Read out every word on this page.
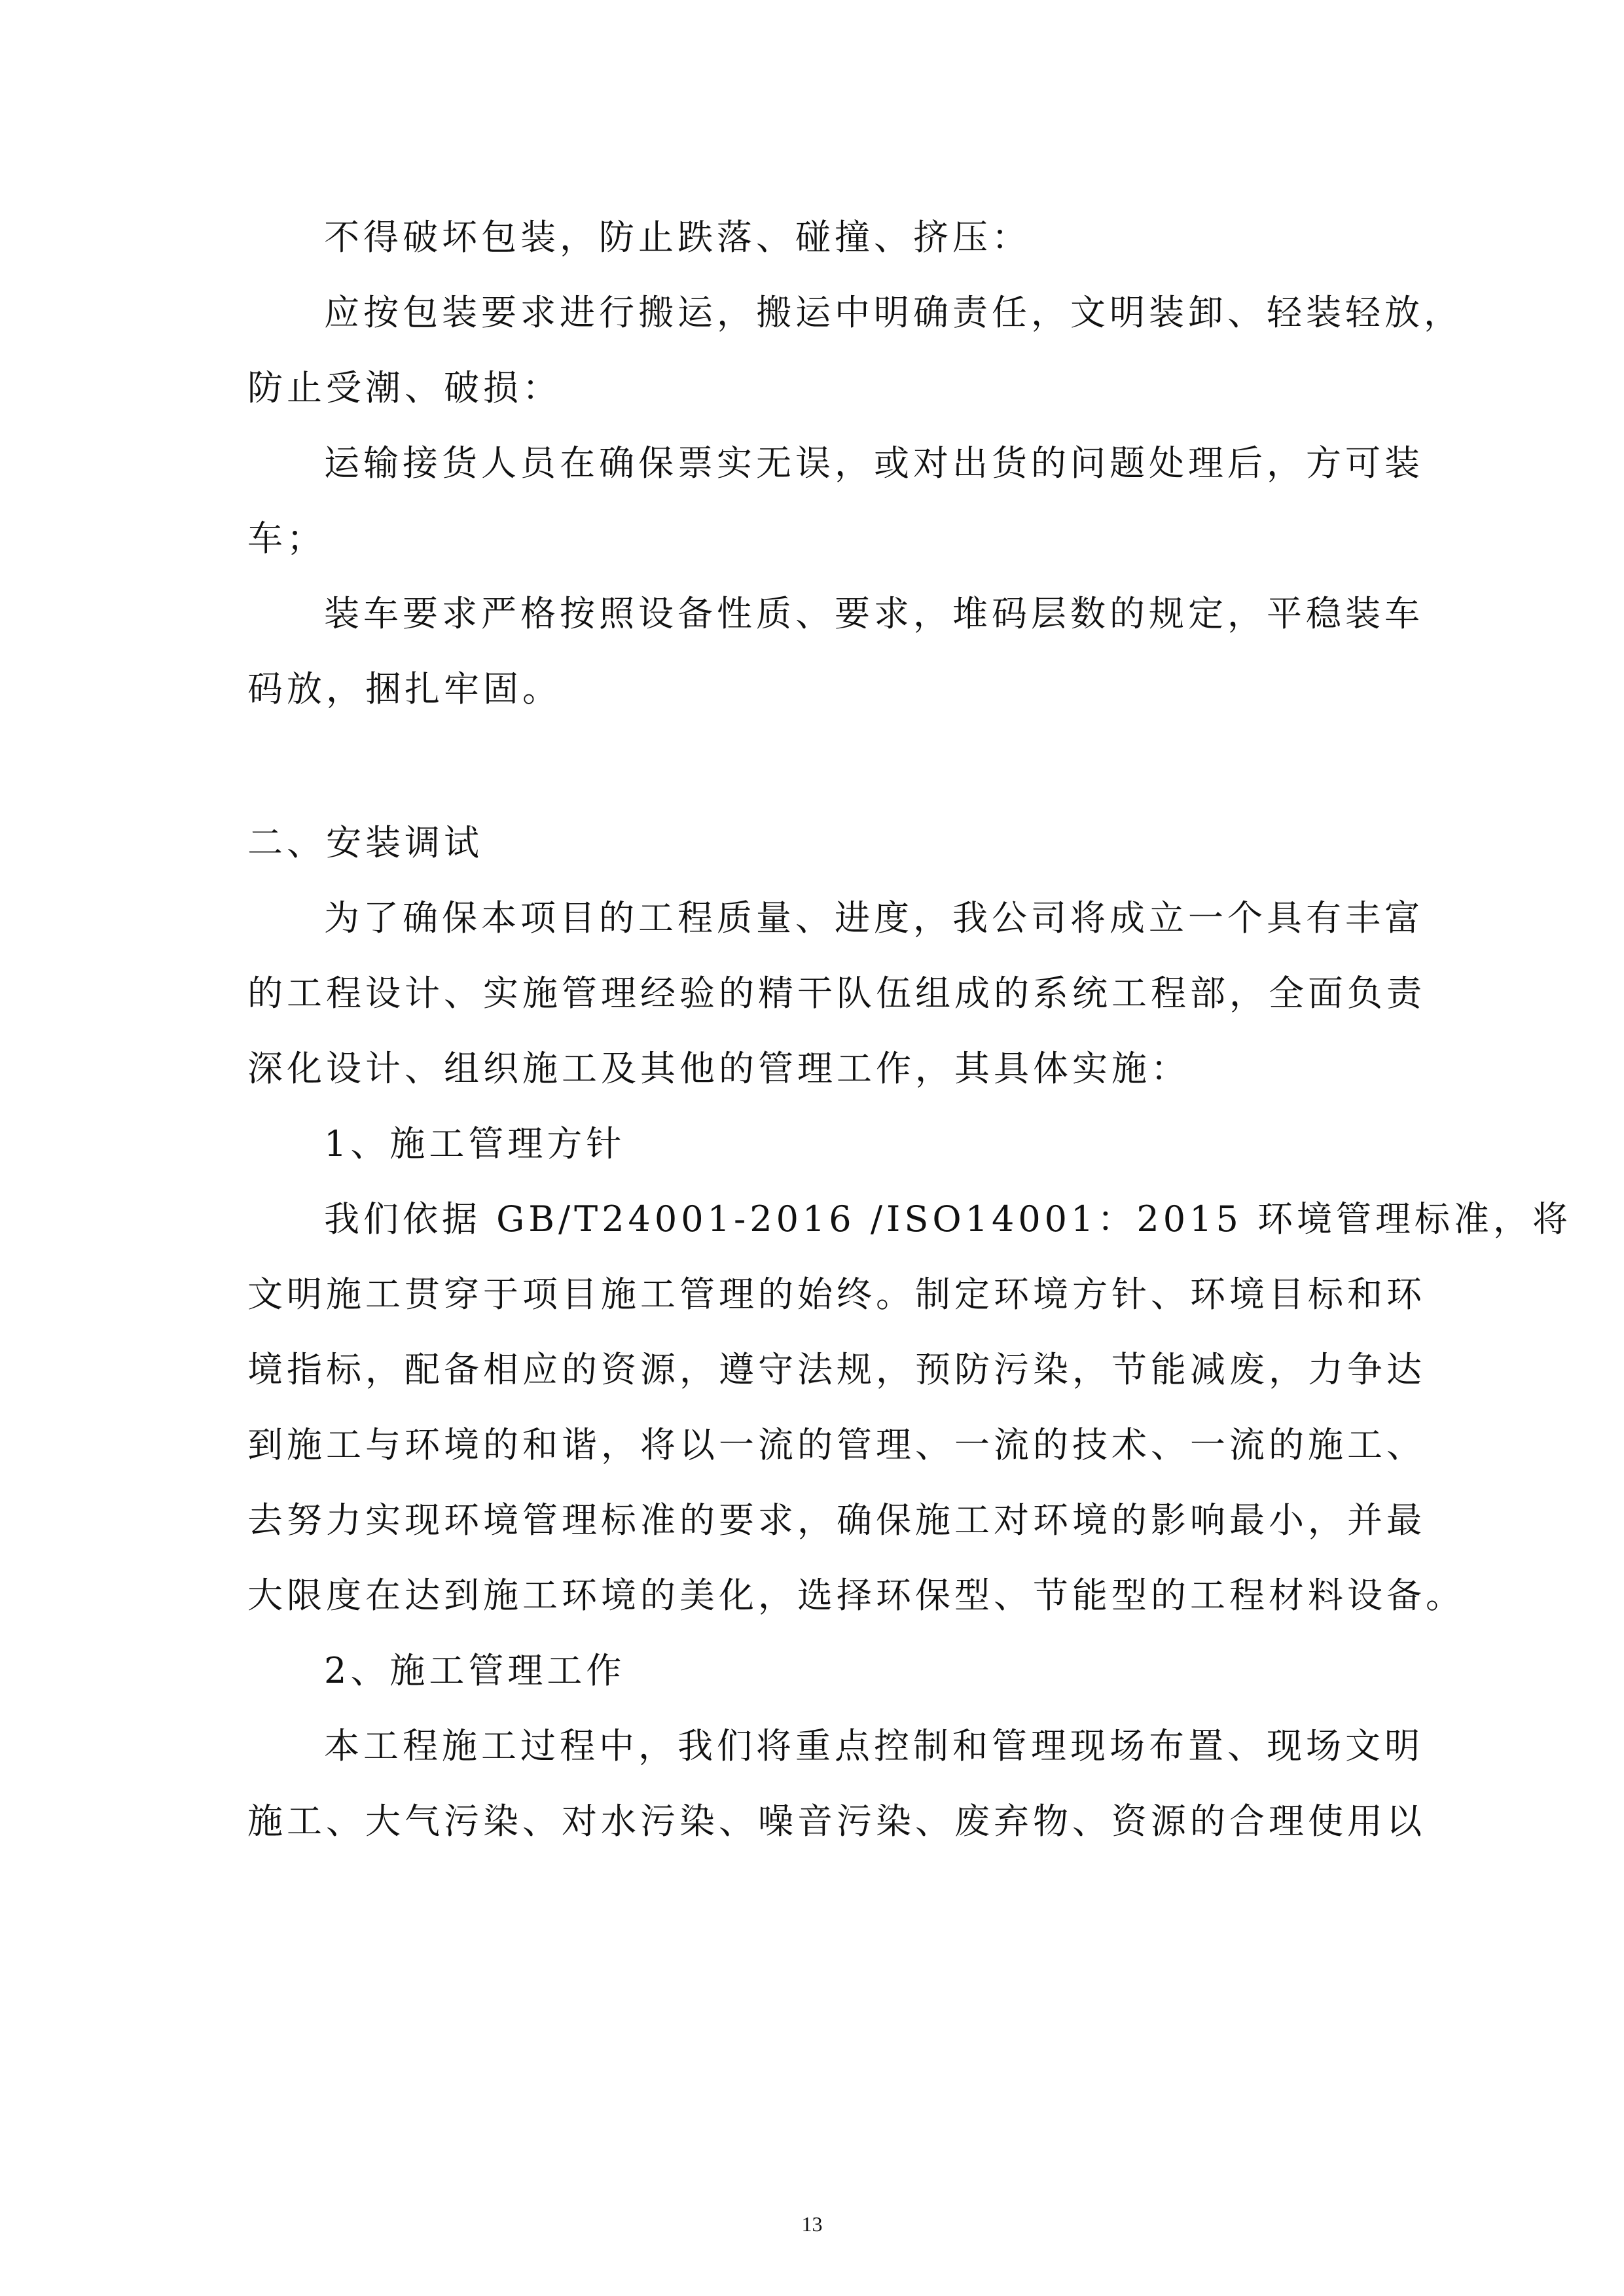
不得破坏包装，防止跌落、碰撞、挤压：
应按包装要求进行搬运，搬运中明确责任，文明装卸、轻装轻放，
防止受潮、破损：
运输接货人员在确保票实无误，或对出货的问题处理后，方可装
车；
装车要求严格按照设备性质、要求，堆码层数的规定，平稳装车
码放，捆扎牢固。
二、安装调试
为了确保本项目的工程质量、进度，我公司将成立一个具有丰富
的工程设计、实施管理经验的精干队伍组成的系统工程部，全面负责
深化设计、组织施工及其他的管理工作，其具体实施：
1、施工管理方针
我们依据 GB/T24001-2016 /ISO14001：2015 环境管理标准，将
文明施工贯穿于项目施工管理的始终。制定环境方针、环境目标和环
境指标，配备相应的资源，遵守法规，预防污染，节能减废，力争达
到施工与环境的和谐，将以一流的管理、一流的技术、一流的施工、
去努力实现环境管理标准的要求，确保施工对环境的影响最小，并最
大限度在达到施工环境的美化，选择环保型、节能型的工程材料设备。
2、施工管理工作
本工程施工过程中，我们将重点控制和管理现场布置、现场文明
施工、大气污染、对水污染、噪音污染、废弃物、资源的合理使用以
13
